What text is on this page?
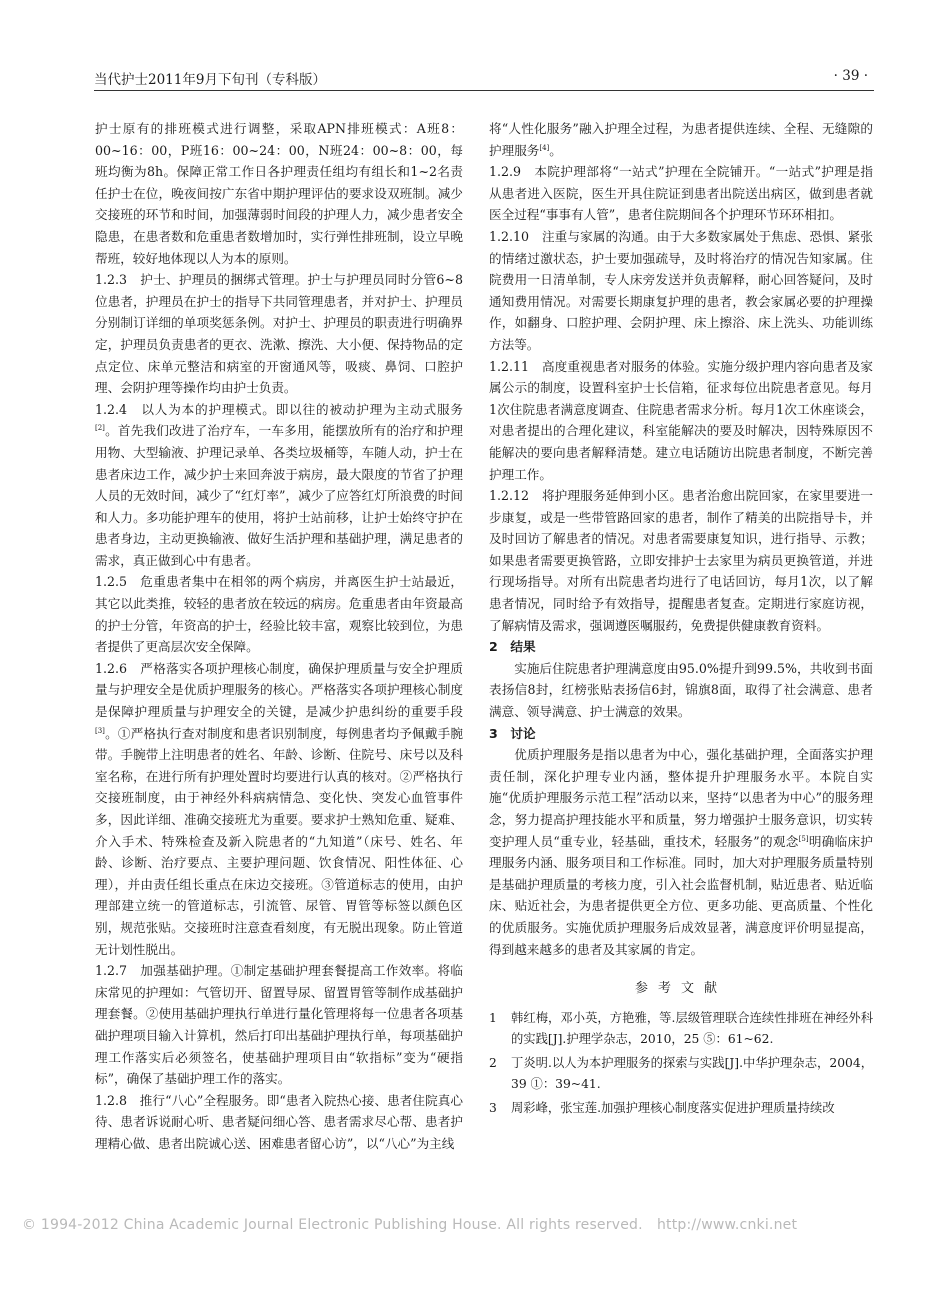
当代护士2011年9月下旬刊（专科版）	· 39 ·

护士原有的排班模式进行调整，采取APN排班模式：A班8：00~16：00，P班16：00~24：00，N班24：00~8：00，每班均衡为8h。保障正常工作日各护理责任组均有组长和1~2名责任护士在位，晚夜间按广东省中期护理评估的要求设双班制。减少交接班的环节和时间，加强薄弱时间段的护理人力，减少患者安全隐患，在患者数和危重患者数增加时，实行弹性排班制，设立早晚帮班，较好地体现以人为本的原则。

1.2.3　护士、护理员的捆绑式管理。护士与护理员同时分管6~8位患者，护理员在护士的指导下共同管理患者，并对护士、护理员分别制订详细的单项奖惩条例。对护士、护理员的职责进行明确界定，护理员负责患者的更衣、洗漱、擦洗、大小便、保持物品的定点定位、床单元整洁和病室的开窗通风等，吸痰、鼻饲、口腔护理、会阴护理等操作均由护士负责。

1.2.4　以人为本的护理模式。即以往的被动护理为主动式服务[2]。首先我们改进了治疗车，一车多用，能摆放所有的治疗和护理用物、大型输液、护理记录单、各类垃圾桶等，车随人动，护士在患者床边工作，减少护士来回奔波于病房，最大限度的节省了护理人员的无效时间，减少了“红灯率”，减少了应答红灯所浪费的时间和人力。多功能护理车的使用，将护士站前移，让护士始终守护在患者身边，主动更换输液、做好生活护理和基础护理，满足患者的需求，真正做到心中有患者。

1.2.5　危重患者集中在相邻的两个病房，并离医生护士站最近，其它以此类推，较轻的患者放在较远的病房。危重患者由年资最高的护士分管，年资高的护士，经验比较丰富，观察比较到位，为患者提供了更高层次安全保障。

1.2.6　严格落实各项护理核心制度，确保护理质量与安全护理质量与护理安全是优质护理服务的核心。严格落实各项护理核心制度是保障护理质量与护理安全的关键，是减少护患纠纷的重要手段[3]。①严格执行查对制度和患者识别制度，每例患者均予佩戴手腕带。手腕带上注明患者的姓名、年龄、诊断、住院号、床号以及科室名称，在进行所有护理处置时均要进行认真的核对。②严格执行交接班制度，由于神经外科病病情急、变化快、突发心血管事件多，因此详细、准确交接班尤为重要。要求护士熟知危重、疑难、介入手术、特殊检查及新入院患者的“九知道”（床号、姓名、年龄、诊断、治疗要点、主要护理问题、饮食情况、阳性体征、心理），并由责任组长重点在床边交接班。③管道标志的使用，由护理部建立统一的管道标志，引流管、尿管、胃管等标签以颜色区别，规范张贴。交接班时注意查看刻度，有无脱出现象。防止管道无计划性脱出。

1.2.7　加强基础护理。①制定基础护理套餐提高工作效率。将临床常见的护理如：气管切开、留置导尿、留置胃管等制作成基础护理套餐。②使用基础护理执行单进行量化管理将每一位患者各项基础护理项目输入计算机，然后打印出基础护理执行单，每项基础护理工作落实后必须签名，使基础护理项目由“软指标”变为“硬指标”，确保了基础护理工作的落实。

1.2.8　推行“八心”全程服务。即“患者入院热心接、患者住院真心待、患者诉说耐心听、患者疑问细心答、患者需求尽心帮、患者护理精心做、患者出院诚心送、困难患者留心访”，以“八心”为主线

将“人性化服务”融入护理全过程，为患者提供连续、全程、无缝隙的护理服务[4]。

1.2.9　本院护理部将“一站式”护理在全院铺开。“一站式”护理是指从患者进入医院，医生开具住院证到患者出院送出病区，做到患者就医全过程“事事有人管”，患者住院期间各个护理环节环环相扣。

1.2.10　注重与家属的沟通。由于大多数家属处于焦虑、恐惧、紧张的情绪过激状态，护士要加强疏导，及时将治疗的情况告知家属。住院费用一日清单制，专人床旁发送并负责解释，耐心回答疑问，及时通知费用情况。对需要长期康复护理的患者，教会家属必要的护理操作，如翻身、口腔护理、会阴护理、床上擦浴、床上洗头、功能训练方法等。

1.2.11　高度重视患者对服务的体验。实施分级护理内容向患者及家属公示的制度，设置科室护士长信箱，征求每位出院患者意见。每月1次住院患者满意度调查、住院患者需求分析。每月1次工休座谈会，对患者提出的合理化建议，科室能解决的要及时解决，因特殊原因不能解决的要向患者解释清楚。建立电话随访出院患者制度，不断完善护理工作。

1.2.12　将护理服务延伸到小区。患者治愈出院回家，在家里要进一步康复，或是一些带管路回家的患者，制作了精美的出院指导卡，并及时回访了解患者的情况。对患者需要康复知识，进行指导、示教；如果患者需要更换管路，立即安排护士去家里为病员更换管道，并进行现场指导。对所有出院患者均进行了电话回访，每月1次，以了解患者情况，同时给予有效指导，提醒患者复查。定期进行家庭访视，了解病情及需求，强调遵医嘱服药，免费提供健康教育资料。

2　结果

实施后住院患者护理满意度由95.0%提升到99.5%，共收到书面表扬信8封，红榜张贴表扬信6封，锦旗8面，取得了社会满意、患者满意、领导满意、护士满意的效果。

3　讨论

优质护理服务是指以患者为中心，强化基础护理，全面落实护理责任制，深化护理专业内涵，整体提升护理服务水平。本院自实施“优质护理服务示范工程”活动以来，坚持“以患者为中心”的服务理念，努力提高护理技能水平和质量，努力增强护士服务意识，切实转变护理人员“重专业，轻基础，重技术，轻服务”的观念[5]明确临床护理服务内涵、服务项目和工作标准。同时，加大对护理服务质量特别是基础护理质量的考核力度，引入社会监督机制，贴近患者、贴近临床、贴近社会，为患者提供更全方位、更多功能、更高质量、个性化的优质服务。实施优质护理服务后成效显著，满意度评价明显提高，得到越来越多的患者及其家属的肯定。

参考文献
1	韩红梅，邓小英，方艳雅，等.层级管理联合连续性排班在神经外科的实践[J].护理学杂志，2010，25 ⑤：61~62.
2	丁炎明.以人为本护理服务的探索与实践[J].中华护理杂志，2004，39 ①：39~41.
3	周彩峰，张宝莲.加强护理核心制度落实促进护理质量持续改
© 1994-2012 China Academic Journal Electronic Publishing House. All rights reserved.　http://www.cnki.net
